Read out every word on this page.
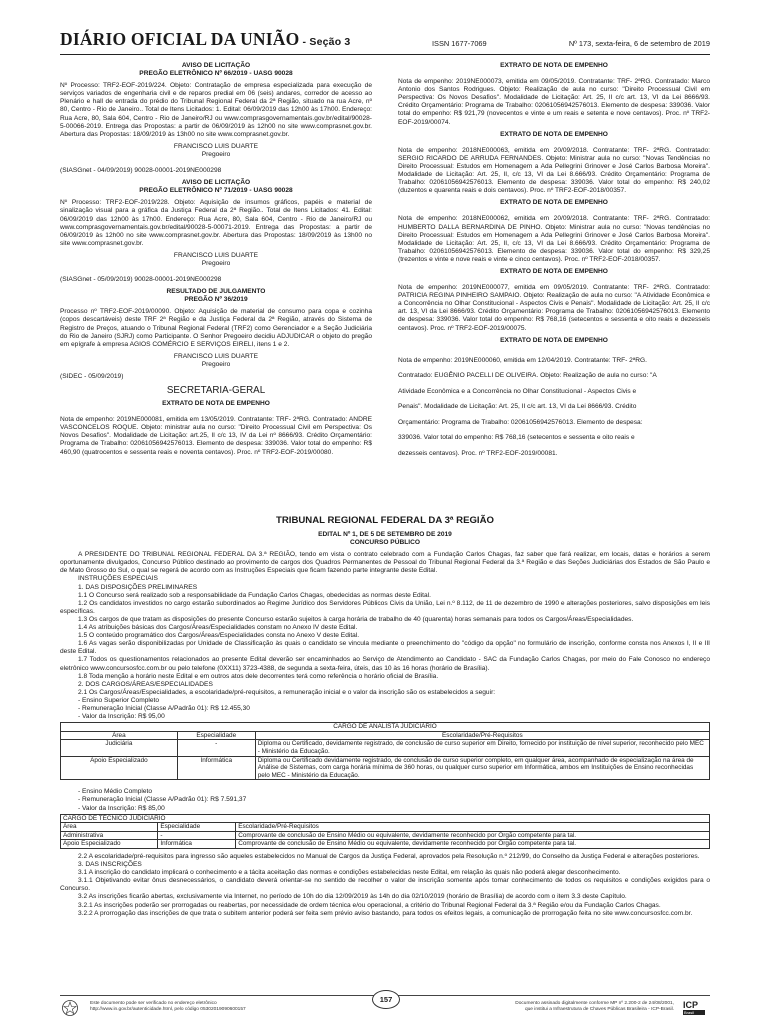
DIÁRIO OFICIAL DA UNIÃO - Seção 3	ISSN 1677-7069	Nº 173, sexta-feira, 6 de setembro de 2019

AVISO DE LICITAÇÃO

PREGÃO ELETRÔNICO Nº 66/2019 - UASG 90028

Nº Processo: TRF2-EOF-2019/224. Objeto: Contratação de empresa especializada para execução de serviços variados de engenharia civil e de reparos predial em 06 (seis) andares, corredor de acesso ao Plenário e hall de entrada do prédio do Tribunal Regional Federal da 2ª Região, situado na rua Acre, nº 80, Centro - Rio de Janeiro.. Total de Itens Licitados: 1. Edital: 06/09/2019 das 12h00 às 17h00. Endereço: Rua Acre, 80, Sala 604, Centro - Rio de Janeiro/RJ ou www.comprasgovernamentais.gov.br/edital/90028-5-00066-2019. Entrega das Propostas: a partir de 06/09/2019 às 12h00 no site www.comprasnet.gov.br. Abertura das Propostas: 18/09/2019 às 13h00 no site www.comprasnet.gov.br.

FRANCISCO LUIS DUARTE

Pregoeiro

(SIASGnet - 04/09/2019) 90028-00001-2019NE000298

AVISO DE LICITAÇÃO

PREGÃO ELETRÔNICO Nº 71/2019 - UASG 90028

Nº Processo: TRF2-EOF-2019/228. Objeto: Aquisição de insumos gráficos, papéis e material de sinalização visual para a gráfica da Justiça Federal da 2ª Região.. Total de Itens Licitados: 41. Edital: 06/09/2019 das 12h00 às 17h00. Endereço: Rua Acre, 80, Sala 604, Centro - Rio de Janeiro/RJ ou www.comprasgovernamentais.gov.br/edital/90028-5-00071-2019. Entrega das Propostas: a partir de 06/09/2019 às 12h00 no site www.comprasnet.gov.br. Abertura das Propostas: 18/09/2019 às 13h00 no site www.comprasnet.gov.br.

FRANCISCO LUIS DUARTE

Pregoeiro

(SIASGnet - 05/09/2019) 90028-00001-2019NE000298

RESULTADO DE JULGAMENTO

PREGÃO Nº 36/2019

Processo nº TRF2-EOF-2019/00090. Objeto: Aquisição de material de consumo para copa e cozinha (copos descartáveis) deste TRF 2ª Região e da Justiça Federal da 2ª Região, através do Sistema de Registro de Preços, atuando o Tribunal Regional Federal (TRF2) como Gerenciador e a Seção Judiciária do Rio de Janeiro (SJRJ) como Participante. O Senhor Pregoeiro decidiu ADJUDICAR o objeto do pregão em epígrafe à empresa AGIOS COMÉRCIO E SERVIÇOS EIRELI, itens 1 e 2.

FRANCISCO LUIS DUARTE

Pregoeiro

(SIDEC - 05/09/2019)

SECRETARIA-GERAL

EXTRATO DE NOTA DE EMPENHO

Nota de empenho: 2019NE000081, emitida em 13/05/2019. Contratante: TRF- 2ªRG. Contratado: ANDRE VASCONCELOS ROQUE. Objeto: ministrar aula no curso: "Direito Processual Civil em Perspectiva: Os Novos Desafios". Modalidade de Licitação: art.25, II c/c 13, IV da Lei nº 8666/93. Crédito Orçamentário: Programa de Trabalho: 02061056942576013. Elemento de despesa: 339036. Valor total do empenho: R$ 460,90 (quatrocentos e sessenta reais e noventa centavos). Proc. nº TRF2-EOF-2019/00080.

EXTRATO DE NOTA DE EMPENHO

Nota de empenho: 2019NE000073, emitida em 09/05/2019. Contratante: TRF- 2ªRG. Contratado: Marco Antonio dos Santos Rodrigues. Objeto: Realização de aula no curso: "Direito Processual Civil em Perspectiva: Os Novos Desafios". Modalidade de Licitação: Art. 25, II c/c art. 13, VI da Lei 8666/93. Crédito Orçamentário: Programa de Trabalho: 02061056942576013. Elemento de despesa: 339036. Valor total do empenho: R$ 921,79 (novecentos e vinte e um reais e setenta e nove centavos). Proc. nº TRF2-EOF-2019/00074.

EXTRATO DE NOTA DE EMPENHO

Nota de empenho: 2018NE000063, emitida em 20/09/2018. Contratante: TRF- 2ªRG. Contratado: SERGIO RICARDO DE ARRUDA FERNANDES. Objeto: Ministrar aula no curso: "Novas Tendências no Direito Processual: Estudos em Homenagem a Ada Pellegrini Grinover e José Carlos Barbosa Moreira". Modalidade de Licitação: Art. 25, II, c/c 13, VI da Lei 8.666/93. Crédito Orçamentário: Programa de Trabalho: 02061056942576013. Elemento de despesa: 339036. Valor total do empenho: R$ 240,02 (duzentos e quarenta reais e dois centavos). Proc. nº TRF2-EOF-2018/00357.

EXTRATO DE NOTA DE EMPENHO

Nota de empenho: 2018NE000062, emitida em 20/09/2018. Contratante: TRF- 2ªRG. Contratado: HUMBERTO DALLA BERNARDINA DE PINHO. Objeto: Ministrar aula no curso: "Novas tendências no Direito Processual: Estudos em Homenagem a Ada Pellegrini Grinover e José Carlos Barbosa Moreira". Modalidade de Licitação: Art. 25, II, c/c 13, VI da Lei 8.666/93. Crédito Orçamentário: Programa de Trabalho: 02061056942576013. Elemento de despesa: 339036. Valor total do empenho: R$ 329,25 (trezentos e vinte e nove reais e vinte e cinco centavos). Proc. nº TRF2-EOF-2018/00357.

EXTRATO DE NOTA DE EMPENHO

Nota de empenho: 2019NE000077, emitida em 09/05/2019. Contratante: TRF- 2ªRG. Contratado: PATRICIA REGINA PINHEIRO SAMPAIO. Objeto: Realização de aula no curso: "A Atividade Econômica e a Concorrência no Olhar Constitucional - Aspectos Civis e Penais". Modalidade de Licitação: Art. 25, II c/c art. 13, VI da Lei 8666/93. Crédito Orçamentário: Programa de Trabalho: 02061056942576013. Elemento de despesa: 339036. Valor total do empenho: R$ 768,16 (setecentos e sessenta e oito reais e dezesseis centavos). Proc. nº TRF2-EOF-2019/00075.

EXTRATO DE NOTA DE EMPENHO

Nota de empenho: 2019NE000060, emitida em 12/04/2019. Contratante: TRF- 2ªRG.

Contratado: EUGÊNIO PACELLI DE OLIVEIRA. Objeto: Realização de aula no curso: "A

Atividade Econômica e a Concorrência no Olhar Constitucional - Aspectos Civis e

Penais". Modalidade de Licitação: Art. 25, II c/c art. 13, VI da Lei 8666/93. Crédito

Orçamentário: Programa de Trabalho: 02061056942576013. Elemento de despesa:

339036. Valor total do empenho: R$ 768,16 (setecentos e sessenta e oito reais e

dezesseis centavos). Proc. nº TRF2-EOF-2019/00081.

TRIBUNAL REGIONAL FEDERAL DA 3ª REGIÃO

EDITAL Nº 1, DE 5 DE SETEMBRO DE 2019

CONCURSO PÚBLICO

A PRESIDENTE DO TRIBUNAL REGIONAL FEDERAL DA 3.ª REGIÃO, tendo em vista o contrato celebrado com a Fundação Carlos Chagas, faz saber que fará realizar, em locais, datas e horários a serem oportunamente divulgados, Concurso Público destinado ao provimento de cargos dos Quadros Permanentes de Pessoal do Tribunal Regional Federal da 3.ª Região e das Seções Judiciárias dos Estados de São Paulo e de Mato Grosso do Sul, o qual se regerá de acordo com as Instruções Especiais que ficam fazendo parte integrante deste Edital.

INSTRUÇÕES ESPECIAIS

1. DAS DISPOSIÇÕES PRELIMINARES

1.1 O Concurso será realizado sob a responsabilidade da Fundação Carlos Chagas, obedecidas as normas deste Edital.

1.2 Os candidatos investidos no cargo estarão subordinados ao Regime Jurídico dos Servidores Públicos Civis da União, Lei n.º 8.112, de 11 de dezembro de 1990 e alterações posteriores, salvo disposições em leis específicas.

1.3 Os cargos de que tratam as disposições do presente Concurso estarão sujeitos à carga horária de trabalho de 40 (quarenta) horas semanais para todos os Cargos/Áreas/Especialidades.

1.4 As atribuições básicas dos Cargos/Áreas/Especialidades constam no Anexo IV deste Edital.

1.5 O conteúdo programático dos Cargos/Áreas/Especialidades consta no Anexo V deste Edital.

1.6 As vagas serão disponibilizadas por Unidade de Classificação às quais o candidato se vincula mediante o preenchimento do "código da opção" no formulário de inscrição, conforme consta nos Anexos I, II e III deste Edital.

1.7 Todos os questionamentos relacionados ao presente Edital deverão ser encaminhados ao Serviço de Atendimento ao Candidato - SAC da Fundação Carlos Chagas, por meio do Fale Conosco no endereço eletrônico www.concursosfcc.com.br ou pelo telefone (0XX11) 3723-4388, de segunda a sexta-feira, úteis, das 10 às 16 horas (horário de Brasília).

1.8 Toda menção a horário neste Edital e em outros atos dele decorrentes terá como referência o horário oficial de Brasília.

2. DOS CARGOS/ÁREAS/ESPECIALIDADES

2.1 Os Cargos/Áreas/Especialidades, a escolaridade/pré-requisitos, a remuneração inicial e o valor da inscrição são os estabelecidos a seguir:

- Ensino Superior Completo

- Remuneração Inicial (Classe A/Padrão 01): R$ 12.455,30

- Valor da Inscrição: R$ 95,00

CARGO DE ANALISTA JUDICIÁRIO		
Área	Especialidade	Escolaridade/Pré-Requisitos
Judiciária	-	Diploma ou Certificado, devidamente registrado, de conclusão de curso superior em Direito, fornecido por instituição de nível superior, reconhecido pelo MEC - Ministério da Educação.
Apoio Especializado	Informática	Diploma ou Certificado devidamente registrado, de conclusão de curso superior completo, em qualquer área, acompanhado de especialização na área de Análise de Sistemas, com carga horária mínima de 360 horas, ou qualquer curso superior em Informática, ambos em Instituições de Ensino reconhecidas pelo MEC - Ministério da Educação.

- Ensino Médio Completo

- Remuneração Inicial (Classe A/Padrão 01): R$ 7.591,37

- Valor da Inscrição: R$ 85,00

CARGO DE TÉCNICO JUDICIÁRIO		
Área	Especialidade	Escolaridade/Pré-Requisitos
Administrativa	-	Comprovante de conclusão de Ensino Médio ou equivalente, devidamente reconhecido por Órgão competente para tal.
Apoio Especializado	Informática	Comprovante de conclusão de Ensino Médio ou equivalente, devidamente reconhecido por Órgão competente para tal.

2.2 A escolaridade/pré-requisitos para ingresso são aqueles estabelecidos no Manual de Cargos da Justiça Federal, aprovados pela Resolução n.º 212/99, do Conselho da Justiça Federal e alterações posteriores.

3. DAS INSCRIÇÕES

3.1 A inscrição do candidato implicará o conhecimento e a tácita aceitação das normas e condições estabelecidas neste Edital, em relação às quais não poderá alegar desconhecimento.

3.1.1 Objetivando evitar ônus desnecessários, o candidato deverá orientar-se no sentido de recolher o valor de inscrição somente após tomar conhecimento de todos os requisitos e condições exigidos para o Concurso.

3.2 As inscrições ficarão abertas, exclusivamente via Internet, no período de 10h do dia 12/09/2019 às 14h do dia 02/10/2019 (horário de Brasília) de acordo com o item 3.3 deste Capítulo.

3.2.1 As inscrições poderão ser prorrogadas ou reabertas, por necessidade de ordem técnica e/ou operacional, a critério do Tribunal Regional Federal da 3.ª Região e/ou da Fundação Carlos Chagas.

3.2.2 A prorrogação das inscrições de que trata o subitem anterior poderá ser feita sem prévio aviso bastando, para todos os efeitos legais, a comunicação de prorrogação feita no site www.concursosfcc.com.br.

Este documento pode ser verificado no endereço eletrônico
http://www.in.gov.br/autenticidade.html, pelo código 05302019090600157
157	Documento assinado digitalmente conforme MP nº 2.200-2 de 24/08/2001,
que institui a Infraestrutura de Chaves Públicas Brasileira - ICP-Brasil. ICP
Brasil
